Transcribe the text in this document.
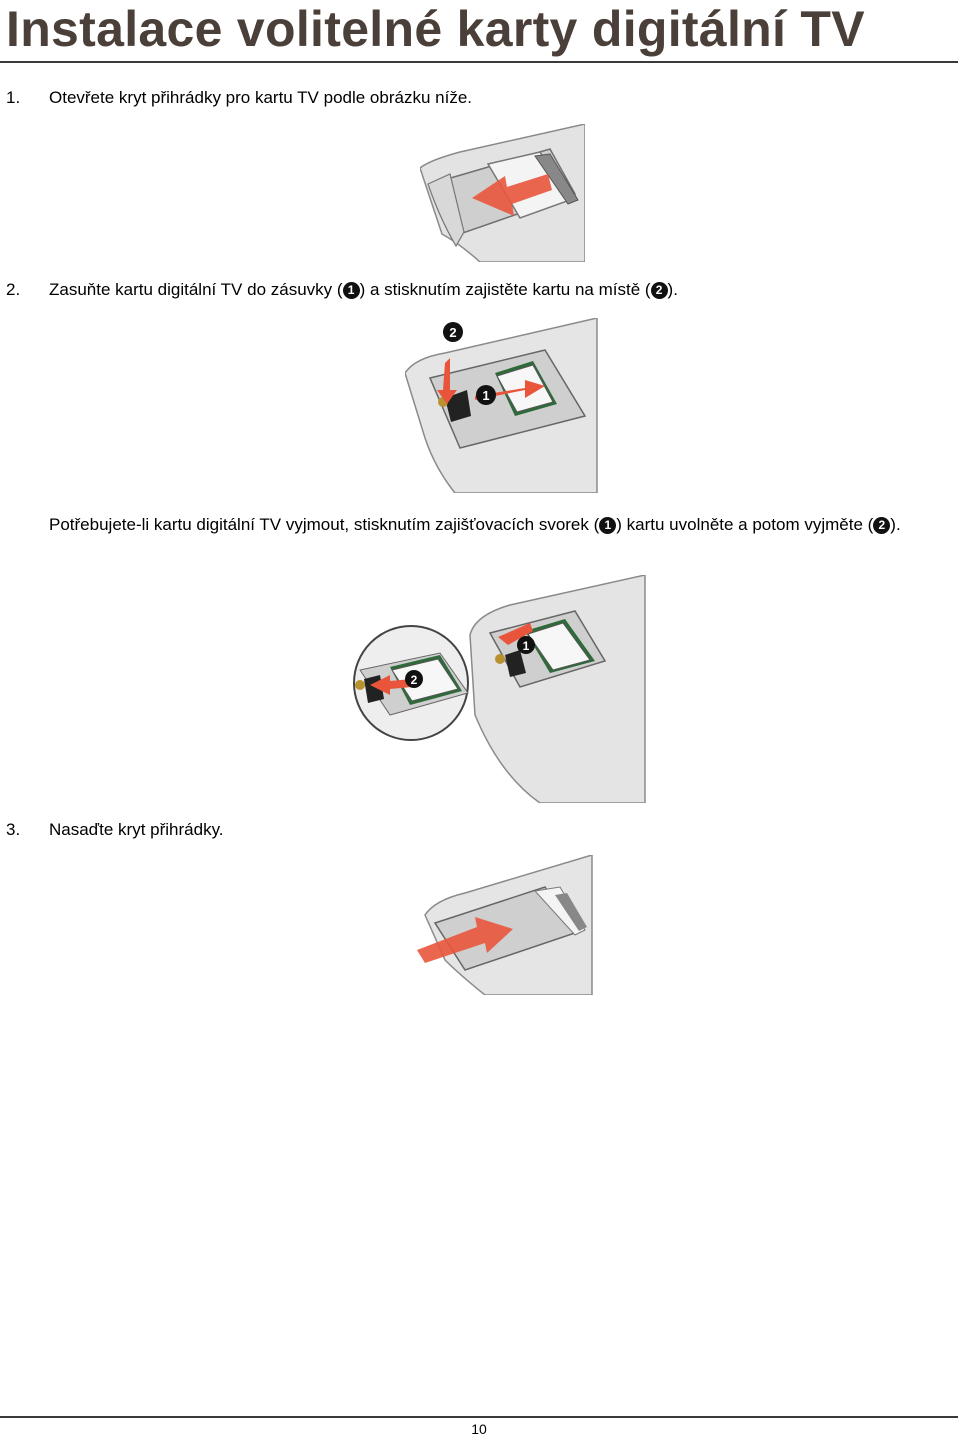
Instalace volitelné karty digitální TV
1. Otevřete kryt přihrádky pro kartu TV podle obrázku níže.
2. Zasuňte kartu digitální TV do zásuvky ( 1 ) a stisknutím zajistěte kartu na místě ( 2 ).
2
1
Potřebujete-li kartu digitální TV vyjmout, stisknutím zajišťovacích svorek ( 1 ) kartu uvolněte a potom vyjměte ( 2 ).
1
2
3. Nasaďte kryt přihrádky.
10
